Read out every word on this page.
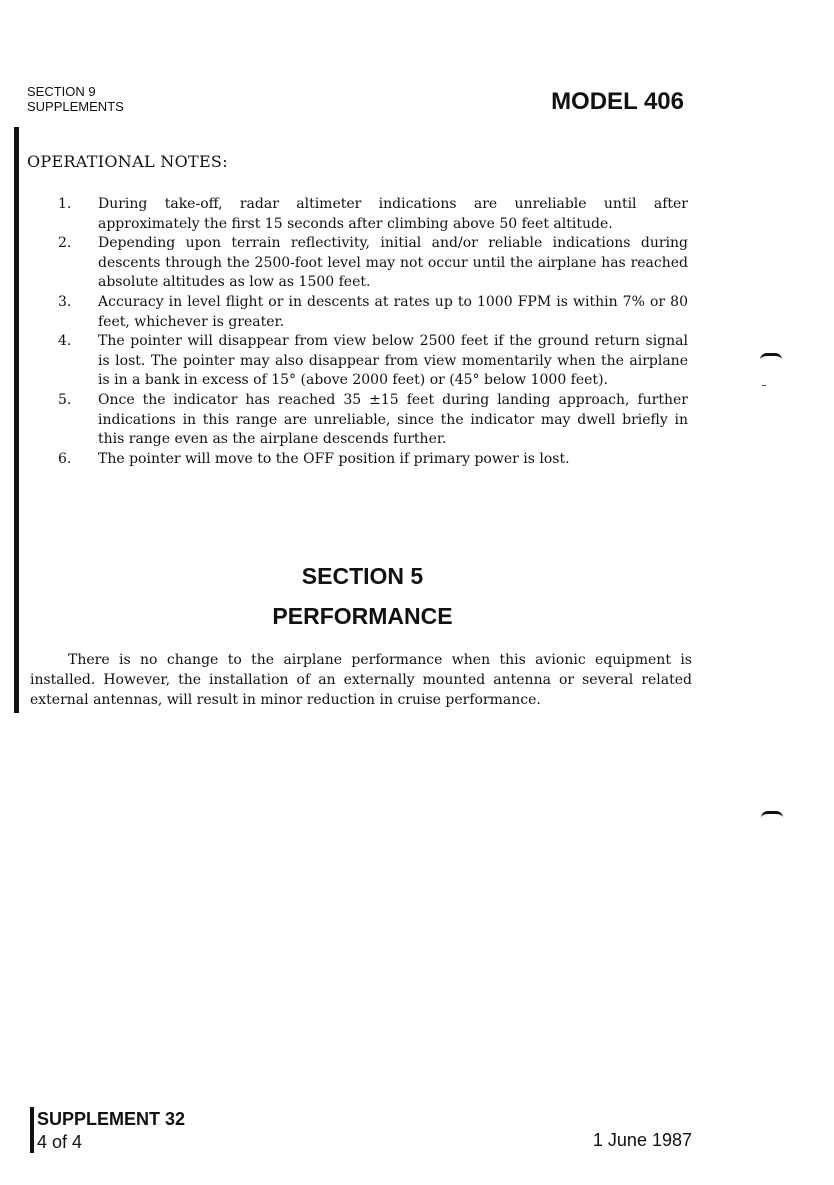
SECTION 9
SUPPLEMENTS	MODEL 406
OPERATIONAL NOTES:
1.	During take-off, radar altimeter indications are unreliable until after approximately the first 15 seconds after climbing above 50 feet altitude.
2.	Depending upon terrain reflectivity, initial and/or reliable indications during descents through the 2500-foot level may not occur until the airplane has reached absolute altitudes as low as 1500 feet.
3.	Accuracy in level flight or in descents at rates up to 1000 FPM is within 7% or 80 feet, whichever is greater.
4.	The pointer will disappear from view below 2500 feet if the ground return signal is lost. The pointer may also disappear from view momentarily when the airplane is in a bank in excess of 15° (above 2000 feet) or (45° below 1000 feet).
5.	Once the indicator has reached 35 ±15 feet during landing approach, further indications in this range are unreliable, since the indicator may dwell briefly in this range even as the airplane descends further.
6.	The pointer will move to the OFF position if primary power is lost.
SECTION 5
PERFORMANCE
There is no change to the airplane performance when this avionic equipment is installed. However, the installation of an externally mounted antenna or several related external antennas, will result in minor reduction in cruise performance.
SUPPLEMENT 32
4 of 4	1 June 1987
